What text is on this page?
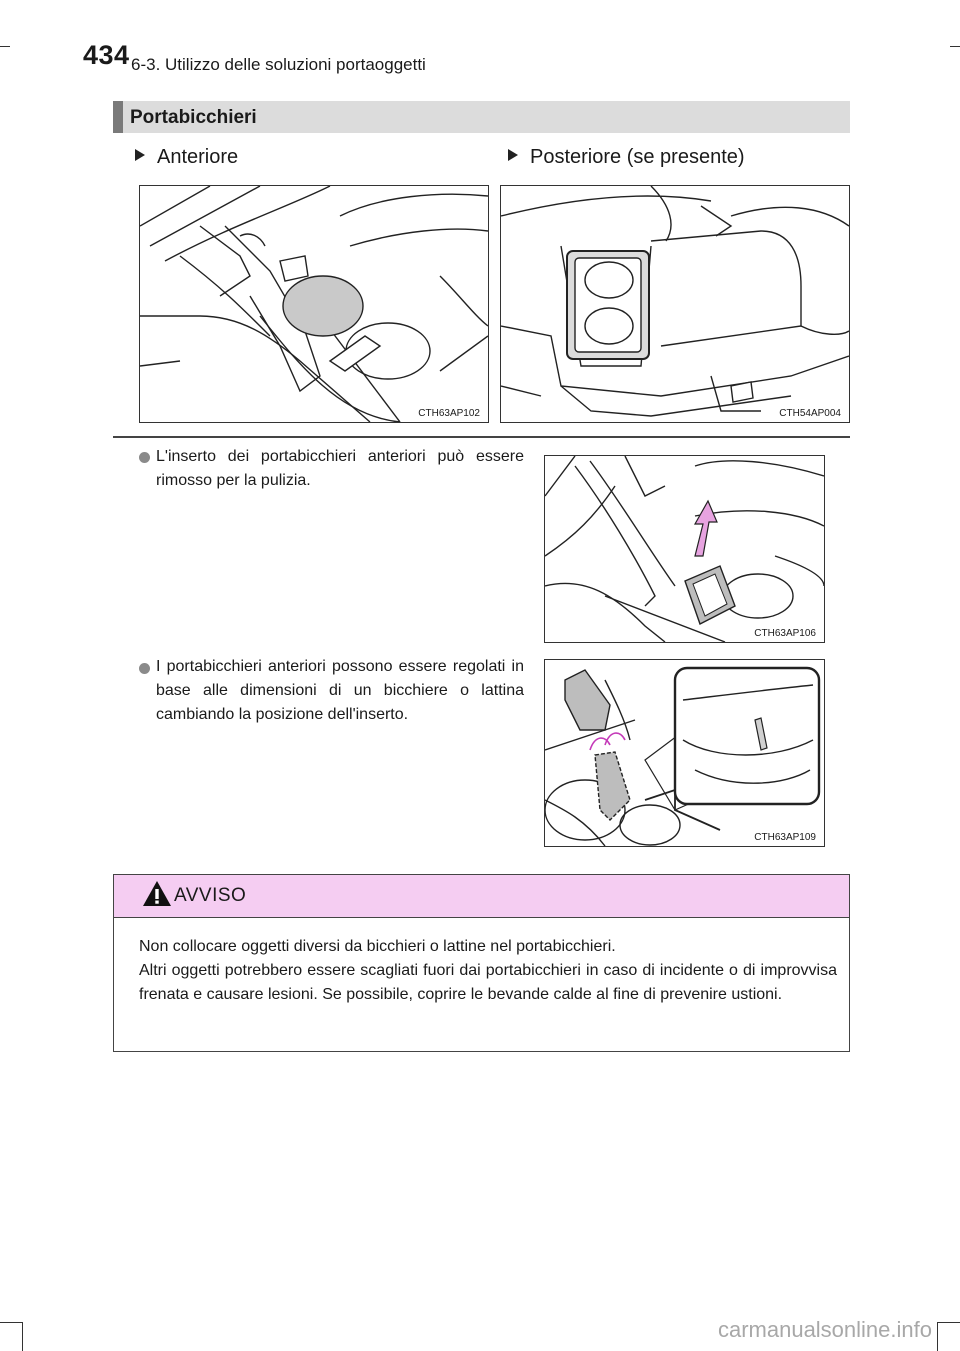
434 6-3. Utilizzo delle soluzioni portaoggetti
Portabicchieri
Anteriore	Posteriore (se presente)
CTH63AP102	CTH54AP004
L'inserto dei portabicchieri anteriori può essere rimosso per la pulizia.
CTH63AP106
I portabicchieri anteriori possono essere regolati in base alle dimensioni di un bicchiere o lattina cambiando la posizione dell'inserto.
CTH63AP109
AVVISO
Non collocare oggetti diversi da bicchieri o lattine nel portabicchieri.
Altri oggetti potrebbero essere scagliati fuori dai portabicchieri in caso di incidente o di improvvisa frenata e causare lesioni. Se possibile, coprire le bevande calde al fine di prevenire ustioni.
carmanualsonline.info
